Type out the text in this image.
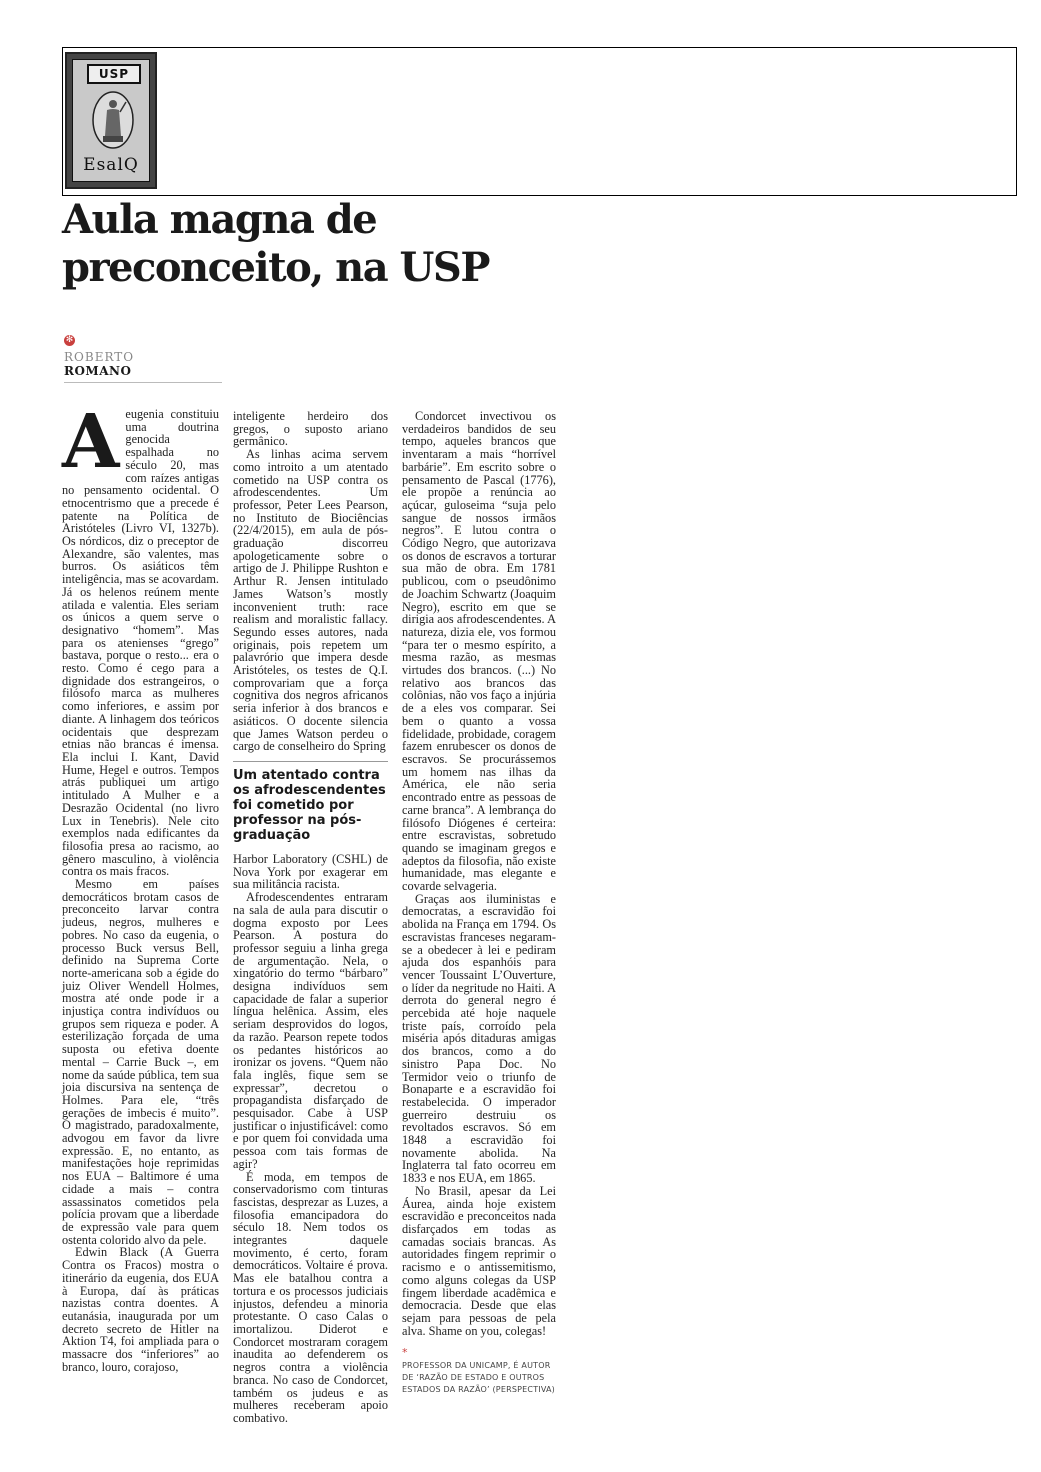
USP
EsalQ
Aula magna de preconceito, na USP
✻
ROBERTO
ROMANO
A eugenia constituiu uma doutrina genocida espalhada no século 20, mas com raízes antigas no pensamento ocidental. O etnocentrismo que a precede é patente na Política de Aristóteles (Livro VI, 1327b). Os nórdicos, diz o preceptor de Alexandre, são valentes, mas burros. Os asiáticos têm inteligência, mas se acovardam. Já os helenos reúnem mente atilada e valentia. Eles seriam os únicos a quem serve o designativo “homem”. Mas para os atenienses “grego” bastava, porque o resto... era o resto. Como é cego para a dignidade dos estrangeiros, o filósofo marca as mulheres como inferiores, e assim por diante. A linhagem dos teóricos ocidentais que desprezam etnias não brancas é imensa. Ela inclui I. Kant, David Hume, Hegel e outros. Tempos atrás publiquei um artigo intitulado A Mulher e a Desrazão Ocidental (no livro Lux in Tenebris). Nele cito exemplos nada edificantes da filosofia presa ao racismo, ao gênero masculino, à violência contra os mais fracos.

Mesmo em países democráticos brotam casos de preconceito larvar contra judeus, negros, mulheres e pobres. No caso da eugenia, o processo Buck versus Bell, definido na Suprema Corte norte-americana sob a égide do juiz Oliver Wendell Holmes, mostra até onde pode ir a injustiça contra indivíduos ou grupos sem riqueza e poder. A esterilização forçada de uma suposta ou efetiva doente mental – Carrie Buck –, em nome da saúde pública, tem sua joia discursiva na sentença de Holmes. Para ele, “três gerações de imbecis é muito”. O magistrado, paradoxalmente, advogou em favor da livre expressão. E, no entanto, as manifestações hoje reprimidas nos EUA – Baltimore é uma cidade a mais – contra assassinatos cometidos pela polícia provam que a liberdade de expressão vale para quem ostenta colorido alvo da pele.

Edwin Black (A Guerra Contra os Fracos) mostra o itinerário da eugenia, dos EUA à Europa, daí às práticas nazistas contra doentes. A eutanásia, inaugurada por um decreto secreto de Hitler na Aktion T4, foi ampliada para o massacre dos “inferiores” ao branco, louro, corajoso,

inteligente herdeiro dos gregos, o suposto ariano germânico.

As linhas acima servem como introito a um atentado cometido na USP contra os afrodescendentes. Um professor, Peter Lees Pearson, no Instituto de Biociências (22/4/2015), em aula de pós-graduação discorreu apologeticamente sobre o artigo de J. Philippe Rushton e Arthur R. Jensen intitulado James Watson’s mostly inconvenient truth: race realism and moralistic fallacy. Segundo esses autores, nada originais, pois repetem um palavrório que impera desde Aristóteles, os testes de Q.I. comprovariam que a força cognitiva dos negros africanos seria inferior à dos brancos e asiáticos. O docente silencia que James Watson perdeu o cargo de conselheiro do Spring

Um atentado contra os afrodescendentes foi cometido por professor na pós-graduação

Harbor Laboratory (CSHL) de Nova York por exagerar em sua militância racista.

Afrodescendentes entraram na sala de aula para discutir o dogma exposto por Lees Pearson. A postura do professor seguiu a linha grega de argumentação. Nela, o xingatório do termo “bárbaro” designa indivíduos sem capacidade de falar a superior língua helênica. Assim, eles seriam desprovidos do logos, da razão. Pearson repete todos os pedantes históricos ao ironizar os jovens. “Quem não fala inglês, fique sem se expressar”, decretou o propagandista disfarçado de pesquisador. Cabe à USP justificar o injustificável: como e por quem foi convidada uma pessoa com tais formas de agir?

É moda, em tempos de conservadorismo com tinturas fascistas, desprezar as Luzes, a filosofia emancipadora do século 18. Nem todos os integrantes daquele movimento, é certo, foram democráticos. Voltaire é prova. Mas ele batalhou contra a tortura e os processos judiciais injustos, defendeu a minoria protestante. O caso Calas o imortalizou. Diderot e Condorcet mostraram coragem inaudita ao defenderem os negros contra a violência branca. No caso de Condorcet, também os judeus e as mulheres receberam apoio combativo.

Condorcet invectivou os verdadeiros bandidos de seu tempo, aqueles brancos que inventaram a mais “horrível barbárie”. Em escrito sobre o pensamento de Pascal (1776), ele propõe a renúncia ao açúcar, guloseima “suja pelo sangue de nossos irmãos negros”. E lutou contra o Código Negro, que autorizava os donos de escravos a torturar sua mão de obra. Em 1781 publicou, com o pseudônimo de Joachim Schwartz (Joaquim Negro), escrito em que se dirigia aos afrodescendentes. A natureza, dizia ele, vos formou “para ter o mesmo espírito, a mesma razão, as mesmas virtudes dos brancos. (...) No relativo aos brancos das colônias, não vos faço a injúria de a eles vos comparar. Sei bem o quanto a vossa fidelidade, probidade, coragem fazem enrubescer os donos de escravos. Se procurássemos um homem nas ilhas da América, ele não seria encontrado entre as pessoas de carne branca”. A lembrança do filósofo Diógenes é certeira: entre escravistas, sobretudo quando se imaginam gregos e adeptos da filosofia, não existe humanidade, mas elegante e covarde selvageria.

Graças aos iluministas e democratas, a escravidão foi abolida na França em 1794. Os escravistas franceses negaram-se a obedecer à lei e pediram ajuda dos espanhóis para vencer Toussaint L’Ouverture, o líder da negritude no Haiti. A derrota do general negro é percebida até hoje naquele triste país, corroído pela miséria após ditaduras amigas dos brancos, como a do sinistro Papa Doc. No Termidor veio o triunfo de Bonaparte e a escravidão foi restabelecida. O imperador guerreiro destruiu os revoltados escravos. Só em 1848 a escravidão foi novamente abolida. Na Inglaterra tal fato ocorreu em 1833 e nos EUA, em 1865.

No Brasil, apesar da Lei Áurea, ainda hoje existem escravidão e preconceitos nada disfarçados em todas as camadas sociais brancas. As autoridades fingem reprimir o racismo e o antissemitismo, como alguns colegas da USP fingem liberdade acadêmica e democracia. Desde que elas sejam para pessoas de pela alva. Shame on you, colegas!

*
PROFESSOR DA UNICAMP, É AUTOR DE ‘RAZÃO DE ESTADO E OUTROS ESTADOS DA RAZÃO’ (PERSPECTIVA)
